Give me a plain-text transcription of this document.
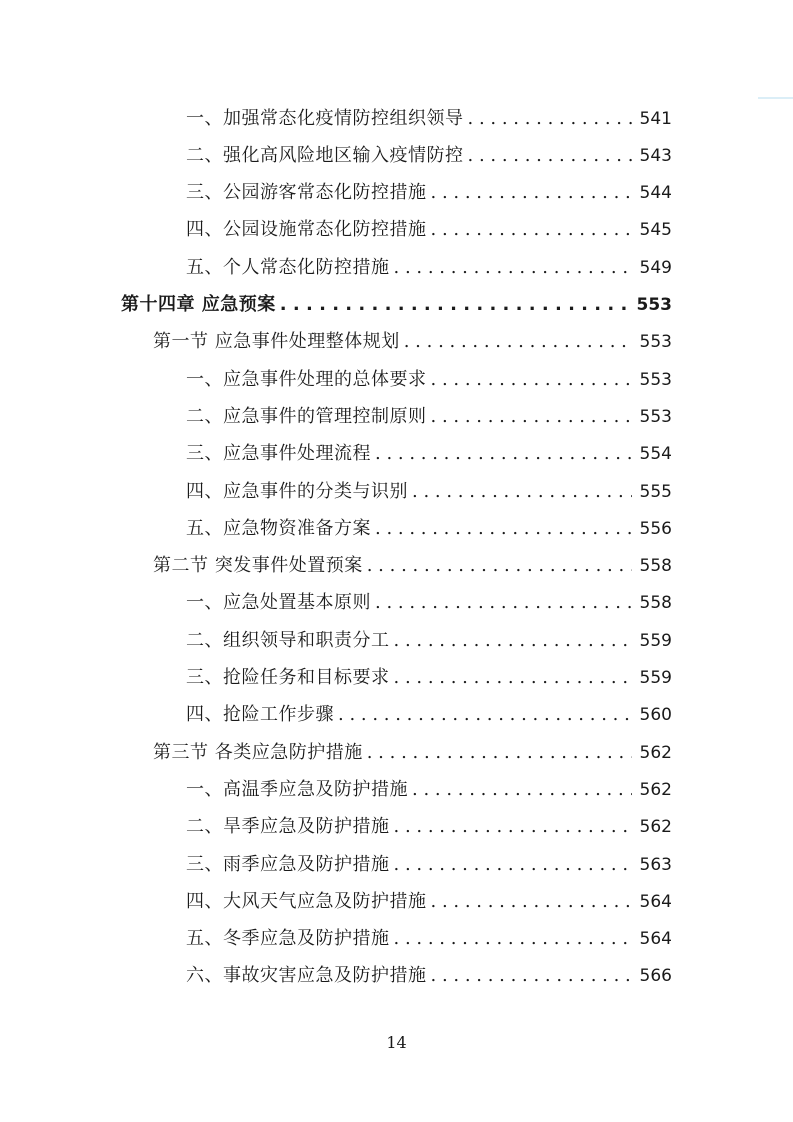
一、加强常态化疫情防控组织领导 . . .	541
二、强化高风险地区输入疫情防控 . . .	543
三、公园游客常态化防控措施 . . .	544
四、公园设施常态化防控措施 . . .	545
五、个人常态化防控措施 . . .	549
第十四章 应急预案 . . .	553
第一节 应急事件处理整体规划 . . .	553
一、应急事件处理的总体要求 . . .	553
二、应急事件的管理控制原则 . . .	553
三、应急事件处理流程 . . .	554
四、应急事件的分类与识别 . . .	555
五、应急物资准备方案 . . .	556
第二节 突发事件处置预案 . . .	558
一、应急处置基本原则 . . .	558
二、组织领导和职责分工 . . .	559
三、抢险任务和目标要求 . . .	559
四、抢险工作步骤 . . .	560
第三节 各类应急防护措施 . . .	562
一、高温季应急及防护措施 . . .	562
二、旱季应急及防护措施 . . .	562
三、雨季应急及防护措施 . . .	563
四、大风天气应急及防护措施 . . .	564
五、冬季应急及防护措施 . . .	564
六、事故灾害应急及防护措施 . . .	566
14
